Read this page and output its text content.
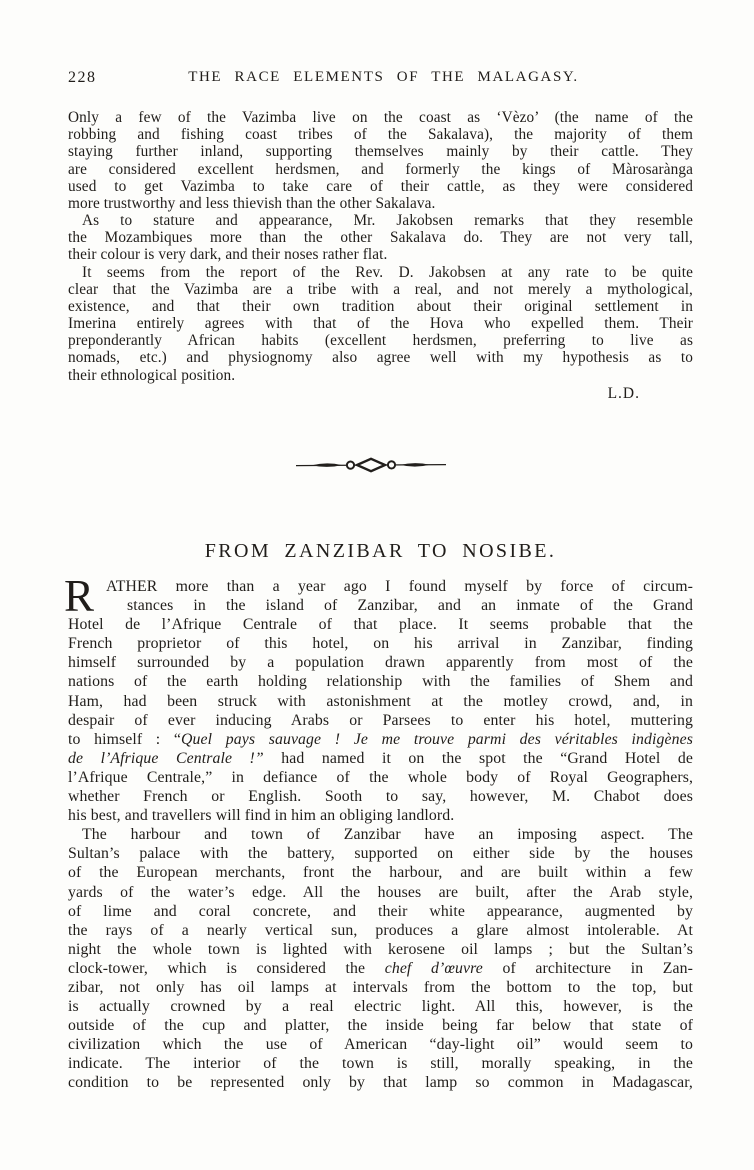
228	THE RACE ELEMENTS OF THE MALAGASY.
Only a few of the Vazimba live on the coast as ‘Vèzo’ (the name of the
robbing and fishing coast tribes of the Sakalava), the majority of them
staying further inland, supporting themselves mainly by their cattle. They
are considered excellent herdsmen, and formerly the kings of Màrosarànga
used to get Vazimba to take care of their cattle, as they were considered
more trustworthy and less thievish than the other Sakalava.
As to stature and appearance, Mr. Jakobsen remarks that they resemble
the Mozambiques more than the other Sakalava do. They are not very tall,
their colour is very dark, and their noses rather flat.
It seems from the report of the Rev. D. Jakobsen at any rate to be quite
clear that the Vazimba are a tribe with a real, and not merely a mythological,
existence, and that their own tradition about their original settlement in
Imerina entirely agrees with that of the Hova who expelled them. Their
preponderantly African habits (excellent herdsmen, preferring to live as
nomads, etc.) and physiognomy also agree well with my hypothesis as to
their ethnological position.
L.D.
FROM ZANZIBAR TO NOSIBE.
R ATHER more than a year ago I found myself by force of circum-
stances in the island of Zanzibar, and an inmate of the Grand
Hotel de l’Afrique Centrale of that place. It seems probable that the
French proprietor of this hotel, on his arrival in Zanzibar, finding
himself surrounded by a population drawn apparently from most of the
nations of the earth holding relationship with the families of Shem and
Ham, had been struck with astonishment at the motley crowd, and, in
despair of ever inducing Arabs or Parsees to enter his hotel, muttering
to himself : “Quel pays sauvage ! Je me trouve parmi des véritables indigènes
de l’Afrique Centrale !” had named it on the spot the “Grand Hotel de
l’Afrique Centrale,” in defiance of the whole body of Royal Geographers,
whether French or English. Sooth to say, however, M. Chabot does
his best, and travellers will find in him an obliging landlord.
The harbour and town of Zanzibar have an imposing aspect. The
Sultan’s palace with the battery, supported on either side by the houses
of the European merchants, front the harbour, and are built within a few
yards of the water’s edge. All the houses are built, after the Arab style,
of lime and coral concrete, and their white appearance, augmented by
the rays of a nearly vertical sun, produces a glare almost intolerable. At
night the whole town is lighted with kerosene oil lamps ; but the Sultan’s
clock-tower, which is considered the chef d’œuvre of architecture in Zan-
zibar, not only has oil lamps at intervals from the bottom to the top, but
is actually crowned by a real electric light. All this, however, is the
outside of the cup and platter, the inside being far below that state of
civilization which the use of American “day-light oil” would seem to
indicate. The interior of the town is still, morally speaking, in the
condition to be represented only by that lamp so common in Madagascar,
